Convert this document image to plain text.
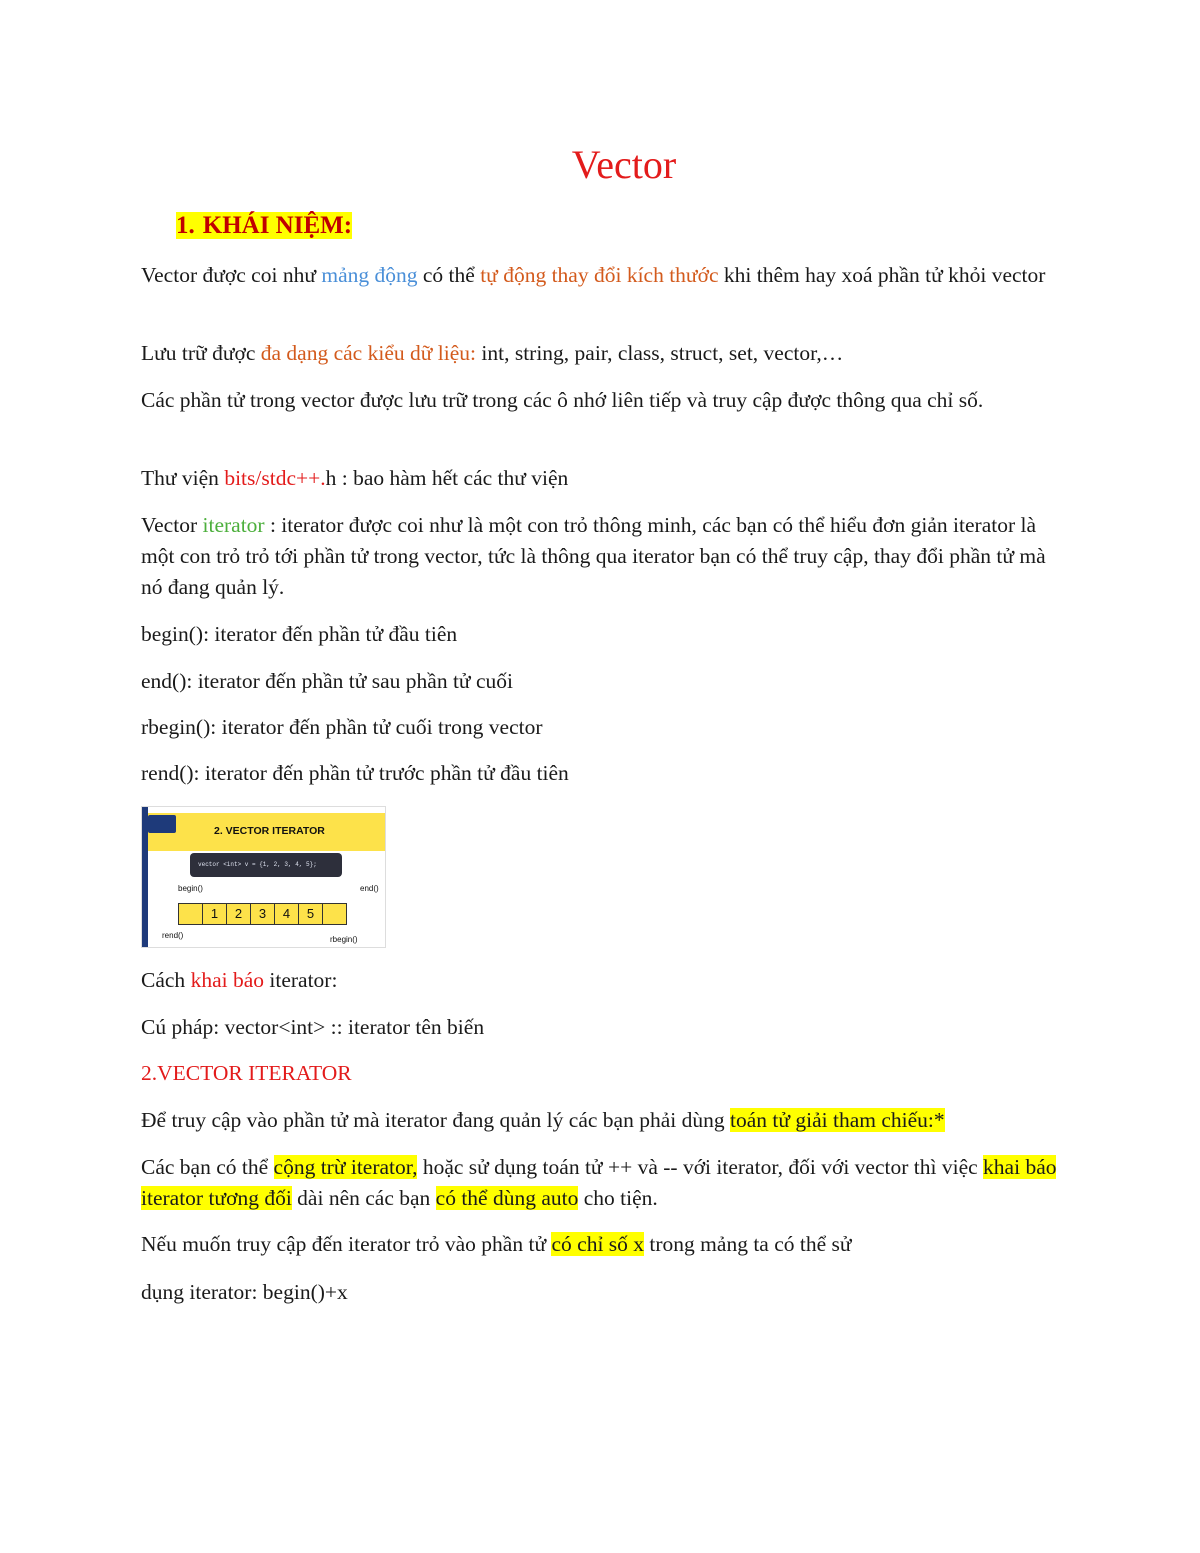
Vector
1. KHÁI NIỆM:
Vector được coi như mảng động có thể tự động thay đổi kích thước khi thêm hay xoá phần tử khỏi vector
Lưu trữ được đa dạng các kiểu dữ liệu: int, string, pair, class, struct, set, vector,…
Các phần tử trong vector được lưu trữ trong các ô nhớ liên tiếp và truy cập được thông qua chỉ số.
Thư viện bits/stdc++.h : bao hàm hết các thư viện
Vector iterator : iterator được coi như là một con trỏ thông minh, các bạn có thể hiểu đơn giản iterator là một con trỏ trỏ tới phần tử trong vector, tức là thông qua iterator bạn có thể truy cập, thay đổi phần tử mà nó đang quản lý.
begin(): iterator đến phần tử đầu tiên
end(): iterator đến phần tử sau phần tử cuối
rbegin(): iterator đến phần tử cuối trong vector
rend(): iterator đến phần tử trước phần tử đầu tiên
2. VECTOR ITERATOR
vector <int> v = {1, 2, 3, 4, 5};
begin()	end()
1	2	3	4	5
rend()	rbegin()
Cách khai báo iterator:
Cú pháp: vector<int> :: iterator tên biến
2.VECTOR ITERATOR
Để truy cập vào phần tử mà iterator đang quản lý các bạn phải dùng toán tử giải tham chiếu:*
Các bạn có thể cộng trừ iterator, hoặc sử dụng toán tử ++ và -- với iterator, đối với vector thì việc khai báo iterator tương đối dài nên các bạn có thể dùng auto cho tiện.
Nếu muốn truy cập đến iterator trỏ vào phần tử có chỉ số x trong mảng ta có thể sử
dụng iterator: begin()+x
